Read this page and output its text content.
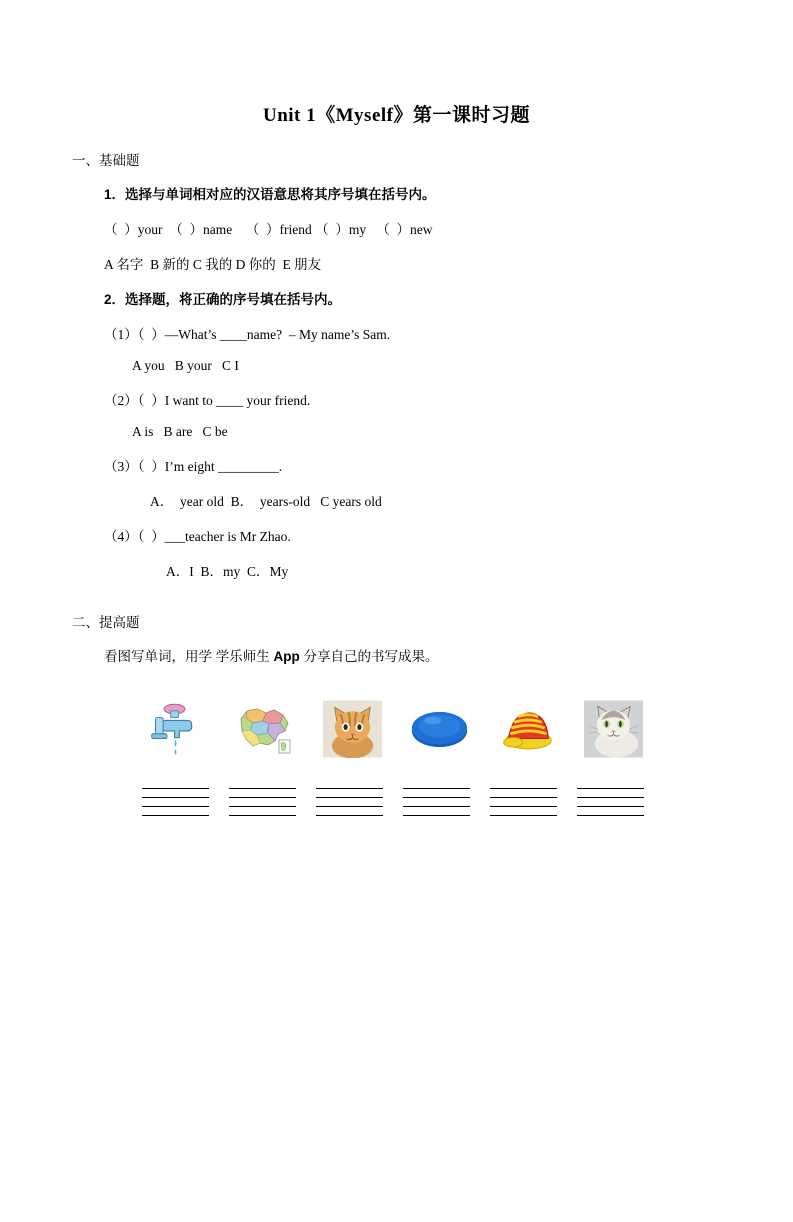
Unit 1《Myself》第一课时习题
一、基础题
1．选择与单词相对应的汉语意思将其序号填在括号内。
（  ）your  （  ）name    （  ）friend （  ）my   （  ）new
A 名字  B 新的 C 我的 D 你的  E 朋友
2．选择题，将正确的序号填在括号内。
（1）（  ）—What’s ____name?  – My name’s Sam.
A you   B your   C I
（2）（  ）I want to ____ your friend.
A is   B are   C be
（3）（  ）I’m eight _________.
A．  year old  B．  years-old   C years old
（4）（  ）___teacher is Mr Zhao.
A．I  B．my  C．My
二、提高题
看图写单词，用学 学乐师生 App 分享自己的书写成果。
